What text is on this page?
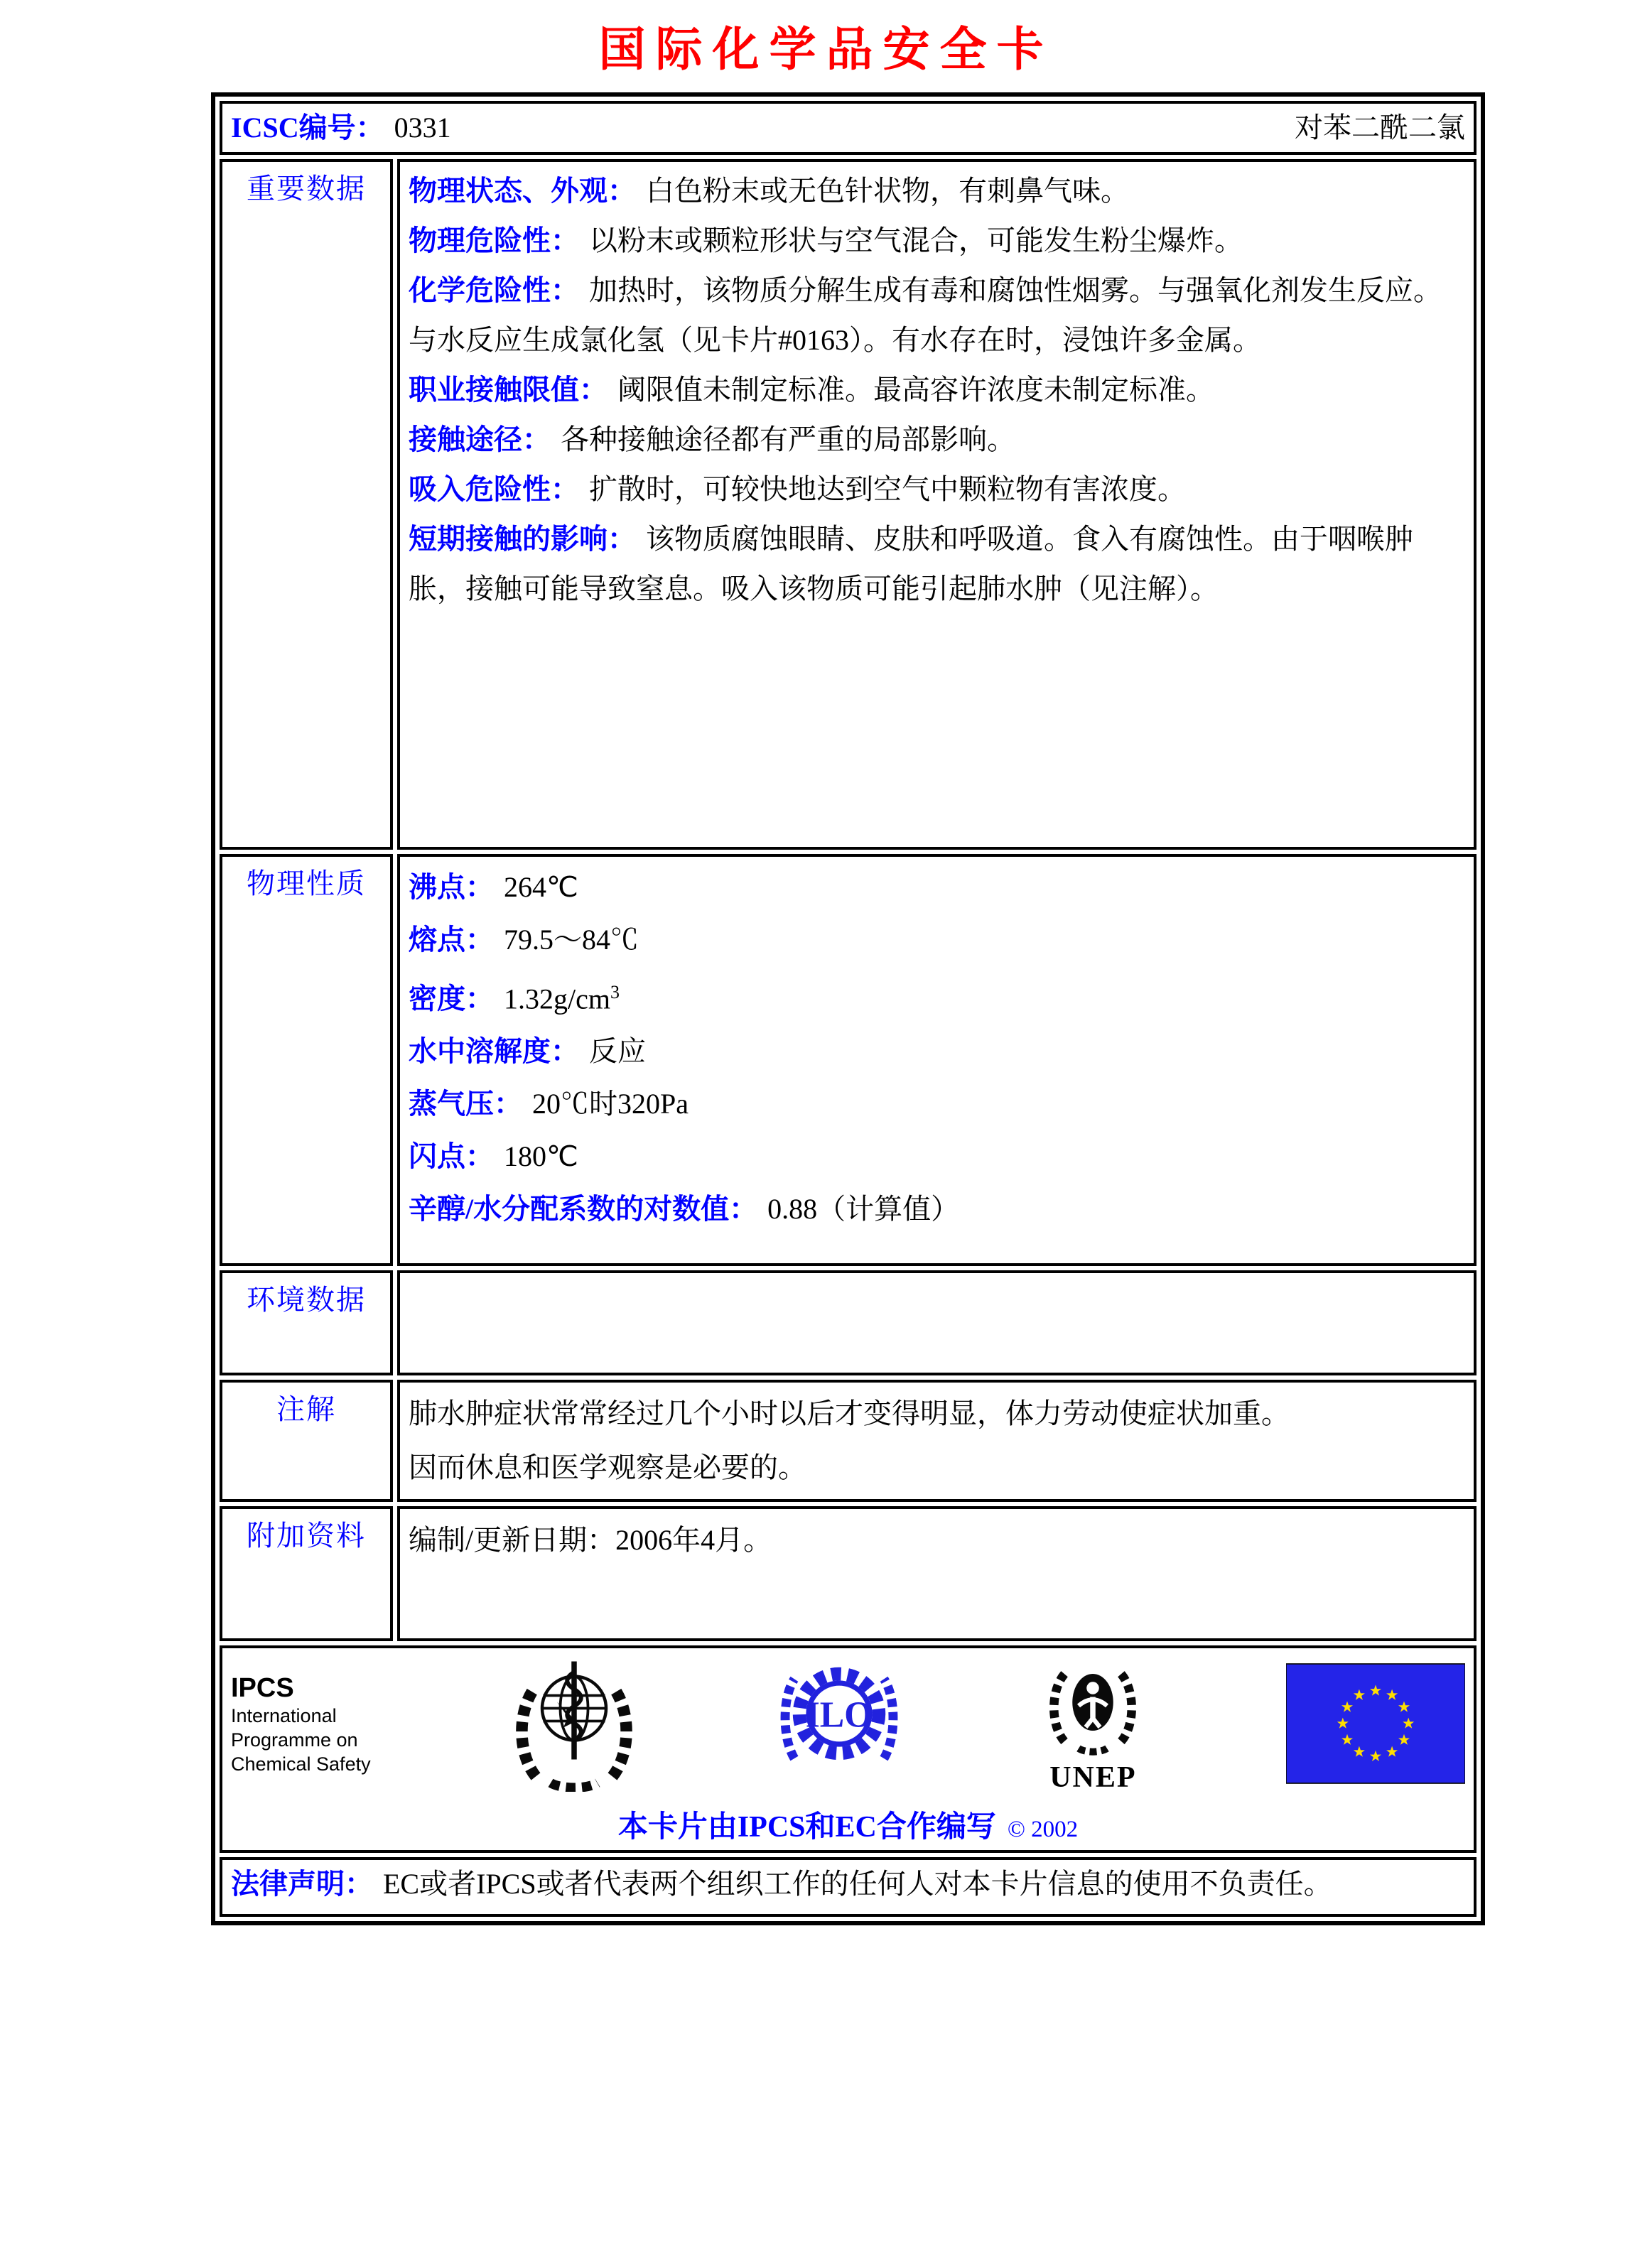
国际化学品安全卡
ICSC编号： 0331 对苯二酰二氯	

重要数据	物理状态、外观： 白色粉末或无色针状物，有刺鼻气味。
物理危险性： 以粉末或颗粒形状与空气混合，可能发生粉尘爆炸。
化学危险性： 加热时，该物质分解生成有毒和腐蚀性烟雾。与强氧化剂发生反应。与水反应生成氯化氢（见卡片#0163）。有水存在时，浸蚀许多金属。
职业接触限值： 阈限值未制定标准。最高容许浓度未制定标准。
接触途径： 各种接触途径都有严重的局部影响。
吸入危险性： 扩散时，可较快地达到空气中颗粒物有害浓度。
短期接触的影响： 该物质腐蚀眼睛、皮肤和呼吸道。食入有腐蚀性。由于咽喉肿胀，接触可能导致窒息。吸入该物质可能引起肺水肿（见注解）。

物理性质	沸点： 264℃
熔点： 79.5～84℃
密度： $1.32g/cm^3$
水中溶解度： 反应
蒸气压： 20℃时320Pa
闪点： 180℃
辛醇/水分配系数的对数值： 0.88（计算值）

环境数据	
注解	肺水肿症状常常经过几个小时以后才变得明显，体力劳动使症状加重。
因而休息和医学观察是必要的。

附加资料	编制/更新日期：2006年4月。

IPCS
International
Programme on
Chemical Safety
ILO
UNEP
本卡片由IPCS和EC合作编写 © 2002

法律声明： EC或者IPCS或者代表两个组织工作的任何人对本卡片信息的使用不负责任。	
